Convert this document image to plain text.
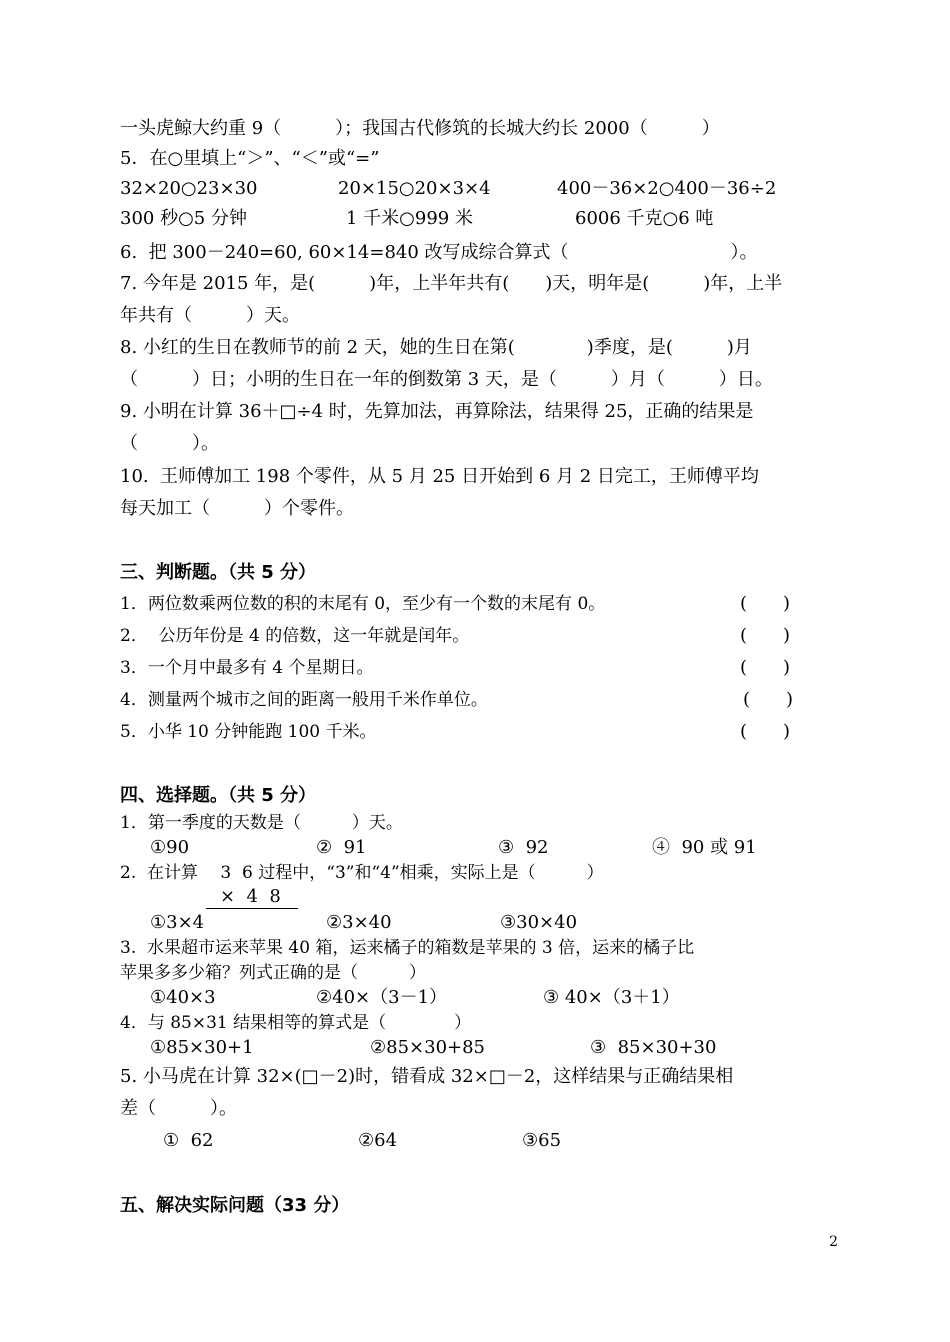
一头虎鲸大约重 9（　　　）；我国古代修筑的长城大约长 2000（　　　）
5．在○里填上“＞”、“＜”或“=”
32×20○23×30	20×15○20×3×4	400－36×2○400－36÷2
300 秒○5 分钟	1 千米○999 米	6006 千克○6 吨
6.  把 300－240=60, 60×14=840 改写成综合算式（　　　　　　　　　）。
7. 今年是 2015 年，是(　　　)年，上半年共有(　　)天，明年是(　　　)年，上半
年共有（　　　）天。
8. 小红的生日在教师节的前 2 天，她的生日在第(　　　　)季度，是(　　　)月
（　　　）日；小明的生日在一年的倒数第 3 天，是（　　　）月（　　　）日。
9. 小明在计算 36＋□÷4 时，先算加法，再算除法，结果得 25，正确的结果是
（　　　）。
10.  王师傅加工 198 个零件，从 5 月 25 日开始到 6 月 2 日完工，王师傅平均
每天加工（　　　）个零件。
三、判断题。（共 5 分）
1．两位数乘两位数的积的末尾有 0，至少有一个数的末尾有 0。	(　　)
2．  公历年份是 4 的倍数，这一年就是闰年。	(　　)
3．一个月中最多有 4 个星期日。	(　　)
4．测量两个城市之间的距离一般用千米作单位。	(　　)
5．小华 10 分钟能跑 100 千米。	(　　)
四、选择题。（共 5 分）
1．第一季度的天数是（　　　）天。
①90	②  91	③  92	④  90 或 91
2.  在计算　 3  6 过程中，“3”和“4”相乘，实际上是（　　　）
×  4  8
①3×4	②3×40	③30×40
3.  水果超市运来苹果 40 箱，运来橘子的箱数是苹果的 3 倍，运来的橘子比
苹果多多少箱？列式正确的是（　　　）
①40×3	②40×（3－1）	③ 40×（3＋1）
4．与 85×31 结果相等的算式是（　　　　）
①85×30+1	②85×30+85	③  85×30+30
5. 小马虎在计算 32×(□－2)时，错看成 32×□－2，这样结果与正确结果相
差（　　　）。
①  62	②64	③65
五、解决实际问题（33 分）
2
